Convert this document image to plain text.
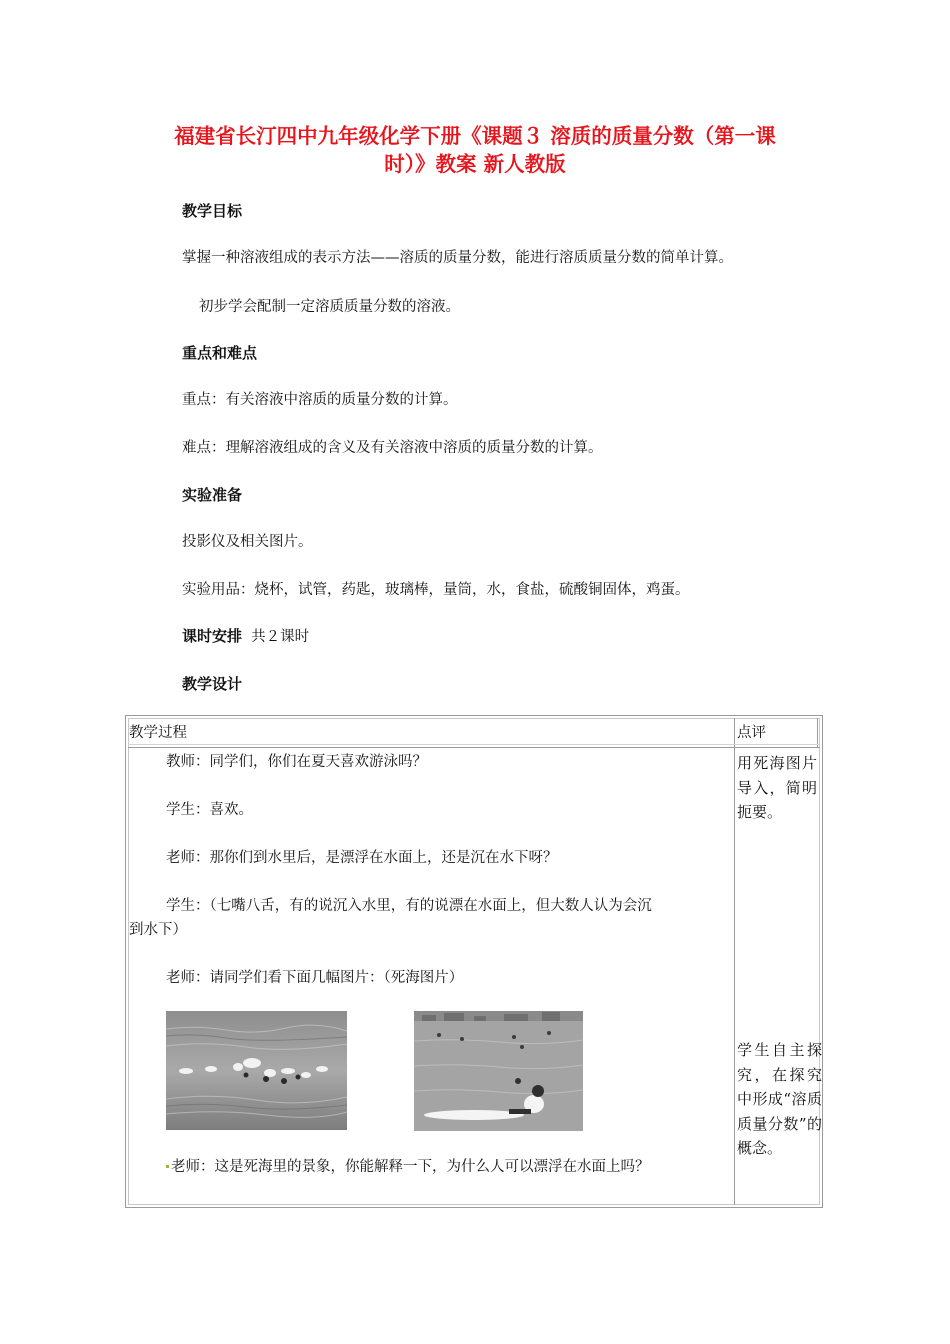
福建省长汀四中九年级化学下册《课题３ 溶质的质量分数（第一课
时）》教案 新人教版
教学目标
掌握一种溶液组成的表示方法——溶质的质量分数，能进行溶质质量分数的简单计算。
初步学会配制一定溶质质量分数的溶液。
重点和难点
重点：有关溶液中溶质的质量分数的计算。
难点：理解溶液组成的含义及有关溶液中溶质的质量分数的计算。
实验准备
投影仪及相关图片。
实验用品：烧杯，试管，药匙，玻璃棒，量筒，水，食盐，硫酸铜固体，鸡蛋。
课时安排 共２课时
教学设计
教学过程	点评
教师：同学们，你们在夏天喜欢游泳吗？
学生：喜欢。
老师：那你们到水里后，是漂浮在水面上，还是沉在水下呀？
学生：（七嘴八舌，有的说沉入水里，有的说漂在水面上，但大数人认为会沉
到水下）
老师：请同学们看下面几幅图片：（死海图片）
老师：这是死海里的景象，你能解释一下，为什么人可以漂浮在水面上吗？
用死海图片导入，简明扼要。
学生自主探究，在探究中形成“溶质质量分数”的概念。
